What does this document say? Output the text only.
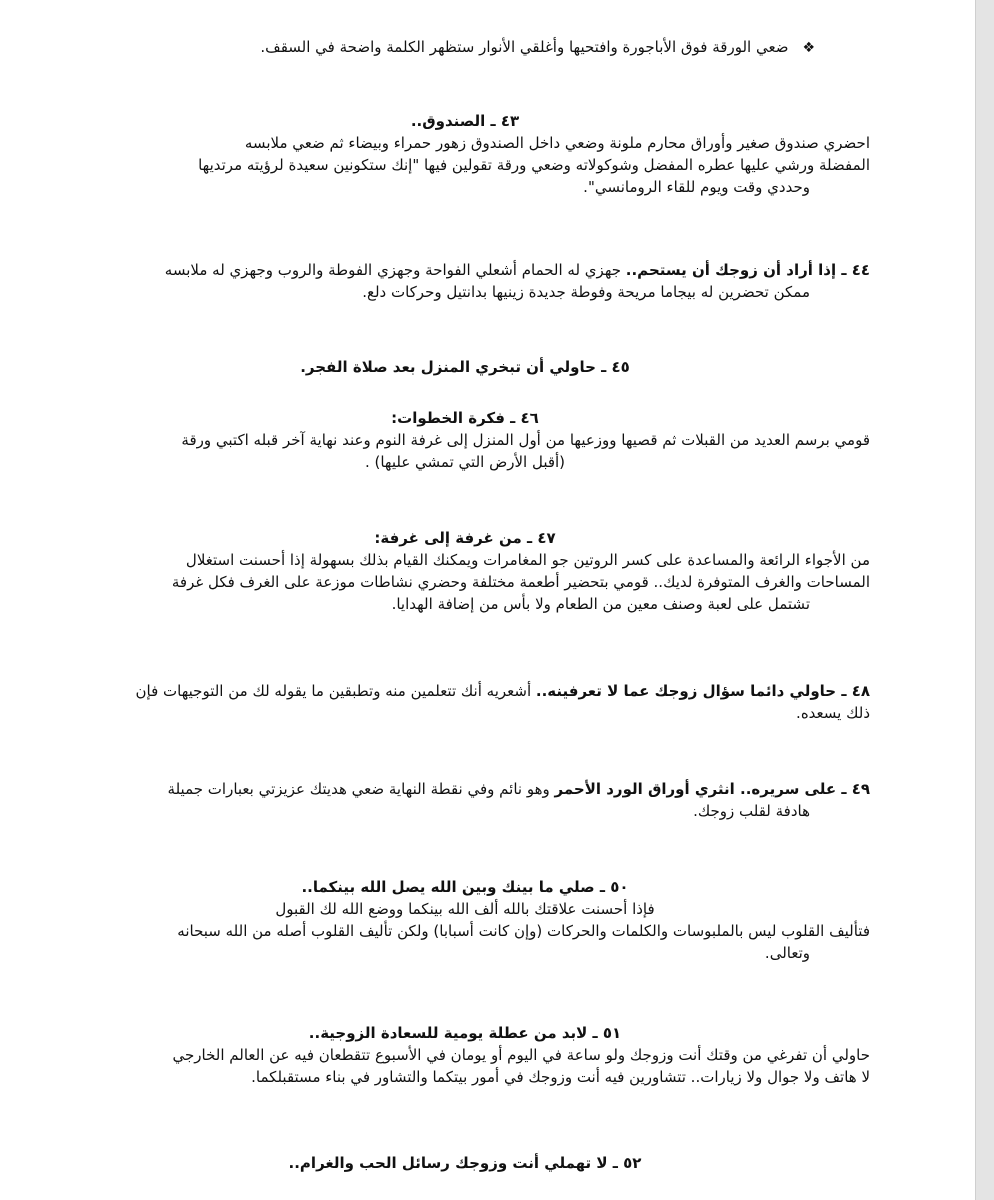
❖ضعي الورقة فوق الأباجورة وافتحيها وأغلقي الأنوار ستظهر الكلمة واضحة في السقف.
٤٣ ـ الصندوق..
احضري صندوق صغير وأوراق محارم ملونة وضعي داخل الصندوق زهور حمراء وبيضاء ثم ضعي ملابسه
المفضلة ورشي عليها عطره المفضل وشوكولاته وضعي ورقة تقولين فيها "إنك ستكونين سعيدة لرؤيته مرتديها
وحددي وقت ويوم للقاء الرومانسي".
٤٤ ـ إذا أراد أن زوجك أن يستحم.. جهزي له الحمام أشعلي الفواحة وجهزي الفوطة والروب وجهزي له ملابسه
ممكن تحضرين له بيجاما مريحة وفوطة جديدة زينيها بدانتيل وحركات دلع.
٤٥ ـ حاولي أن تبخري المنزل بعد صلاة الفجر.
٤٦ ـ فكرة الخطوات:
قومي برسم العديد من القبلات ثم قصيها ووزعيها من أول المنزل إلى غرفة النوم وعند نهاية آخر قبله اكتبي ورقة
(أقبل الأرض التي تمشي عليها) .
٤٧ ـ من غرفة إلى غرفة:
من الأجواء الرائعة والمساعدة على كسر الروتين جو المغامرات ويمكنك القيام بذلك بسهولة إذا أحسنت استغلال
المساحات والغرف المتوفرة لديك.. قومي بتحضير أطعمة مختلفة وحضري نشاطات موزعة على الغرف فكل غرفة
تشتمل على لعبة وصنف معين من الطعام ولا بأس من إضافة الهدايا.
٤٨ ـ حاولي دائما سؤال زوجك عما لا تعرفينه.. أشعريه أنك تتعلمين منه وتطبقين ما يقوله لك من التوجيهات فإن
ذلك يسعده.
٤٩ ـ على سريره.. انثري أوراق الورد الأحمر وهو نائم وفي نقطة النهاية ضعي هديتك عزيزتي بعبارات جميلة
هادفة لقلب زوجك.
٥٠ ـ صلي ما بينك وبين الله يصل الله بينكما..
فإذا أحسنت علاقتك بالله ألف الله بينكما ووضع الله لك القبول
فتأليف القلوب ليس بالملبوسات والكلمات والحركات (وإن كانت أسبابا) ولكن تأليف القلوب أصله من الله سبحانه
وتعالى.
٥١ ـ لابد من عطلة يومية للسعادة الزوجية..
حاولي أن تفرغي من وقتك أنت وزوجك ولو ساعة في اليوم أو يومان في الأسبوع تتقطعان فيه عن العالم الخارجي
لا هاتف ولا جوال ولا زيارات.. تتشاورين فيه أنت وزوجك في أمور بيتكما والتشاور في بناء مستقبلكما.
٥٢ ـ لا تهملي أنت وزوجك رسائل الحب والغرام..
